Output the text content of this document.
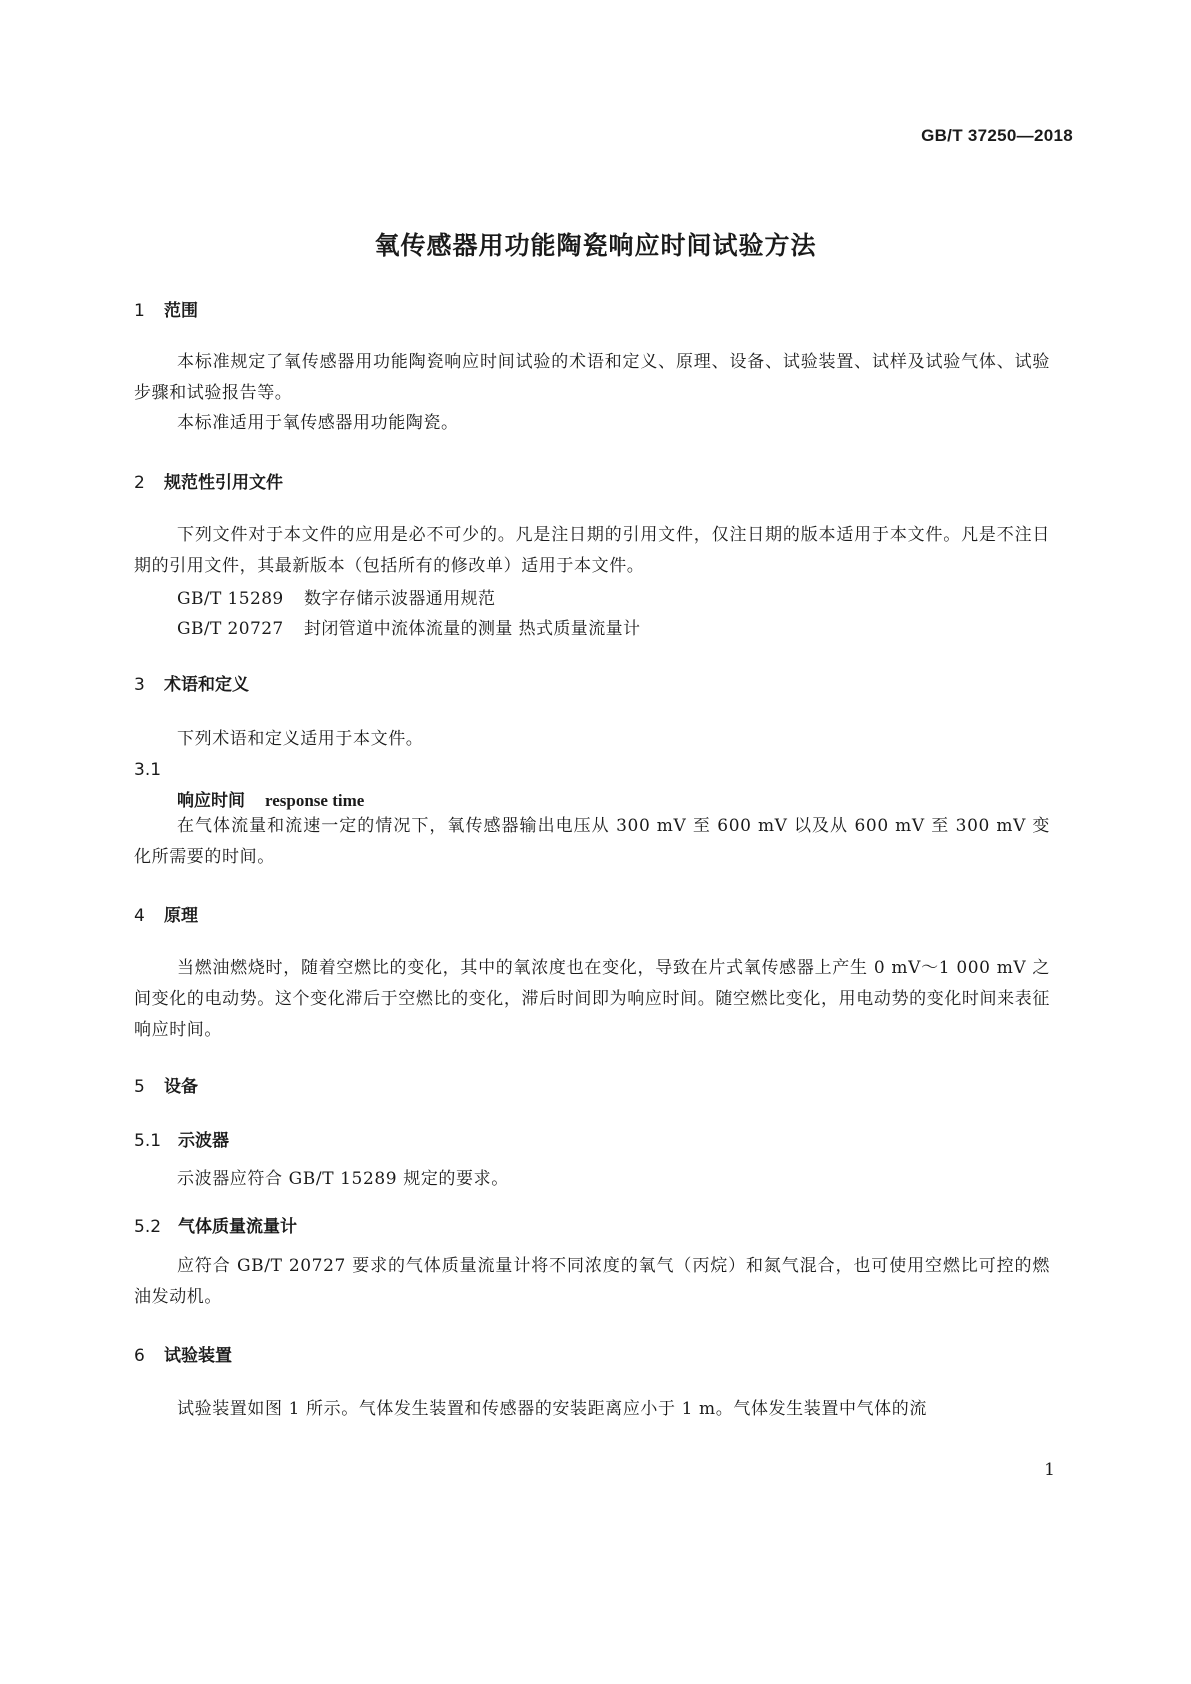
GB/T 37250—2018
氧传感器用功能陶瓷响应时间试验方法
1 范围
本标准规定了氧传感器用功能陶瓷响应时间试验的术语和定义、原理、设备、试验装置、试样及试验气体、试验步骤和试验报告等。
本标准适用于氧传感器用功能陶瓷。
2 规范性引用文件
下列文件对于本文件的应用是必不可少的。凡是注日期的引用文件，仅注日期的版本适用于本文件。凡是不注日期的引用文件，其最新版本（包括所有的修改单）适用于本文件。
GB/T 15289 数字存储示波器通用规范
GB/T 20727 封闭管道中流体流量的测量 热式质量流量计
3 术语和定义
下列术语和定义适用于本文件。
3.1
响应时间 response time
在气体流量和流速一定的情况下，氧传感器输出电压从 300 mV 至 600 mV 以及从 600 mV 至 300 mV 变化所需要的时间。
4 原理
当燃油燃烧时，随着空燃比的变化，其中的氧浓度也在变化，导致在片式氧传感器上产生 0 mV～1 000 mV 之间变化的电动势。这个变化滞后于空燃比的变化，滞后时间即为响应时间。随空燃比变化，用电动势的变化时间来表征响应时间。
5 设备
5.1 示波器
示波器应符合 GB/T 15289 规定的要求。
5.2 气体质量流量计
应符合 GB/T 20727 要求的气体质量流量计将不同浓度的氧气（丙烷）和氮气混合，也可使用空燃比可控的燃油发动机。
6 试验装置
试验装置如图 1 所示。气体发生装置和传感器的安装距离应小于 1 m。气体发生装置中气体的流
1
